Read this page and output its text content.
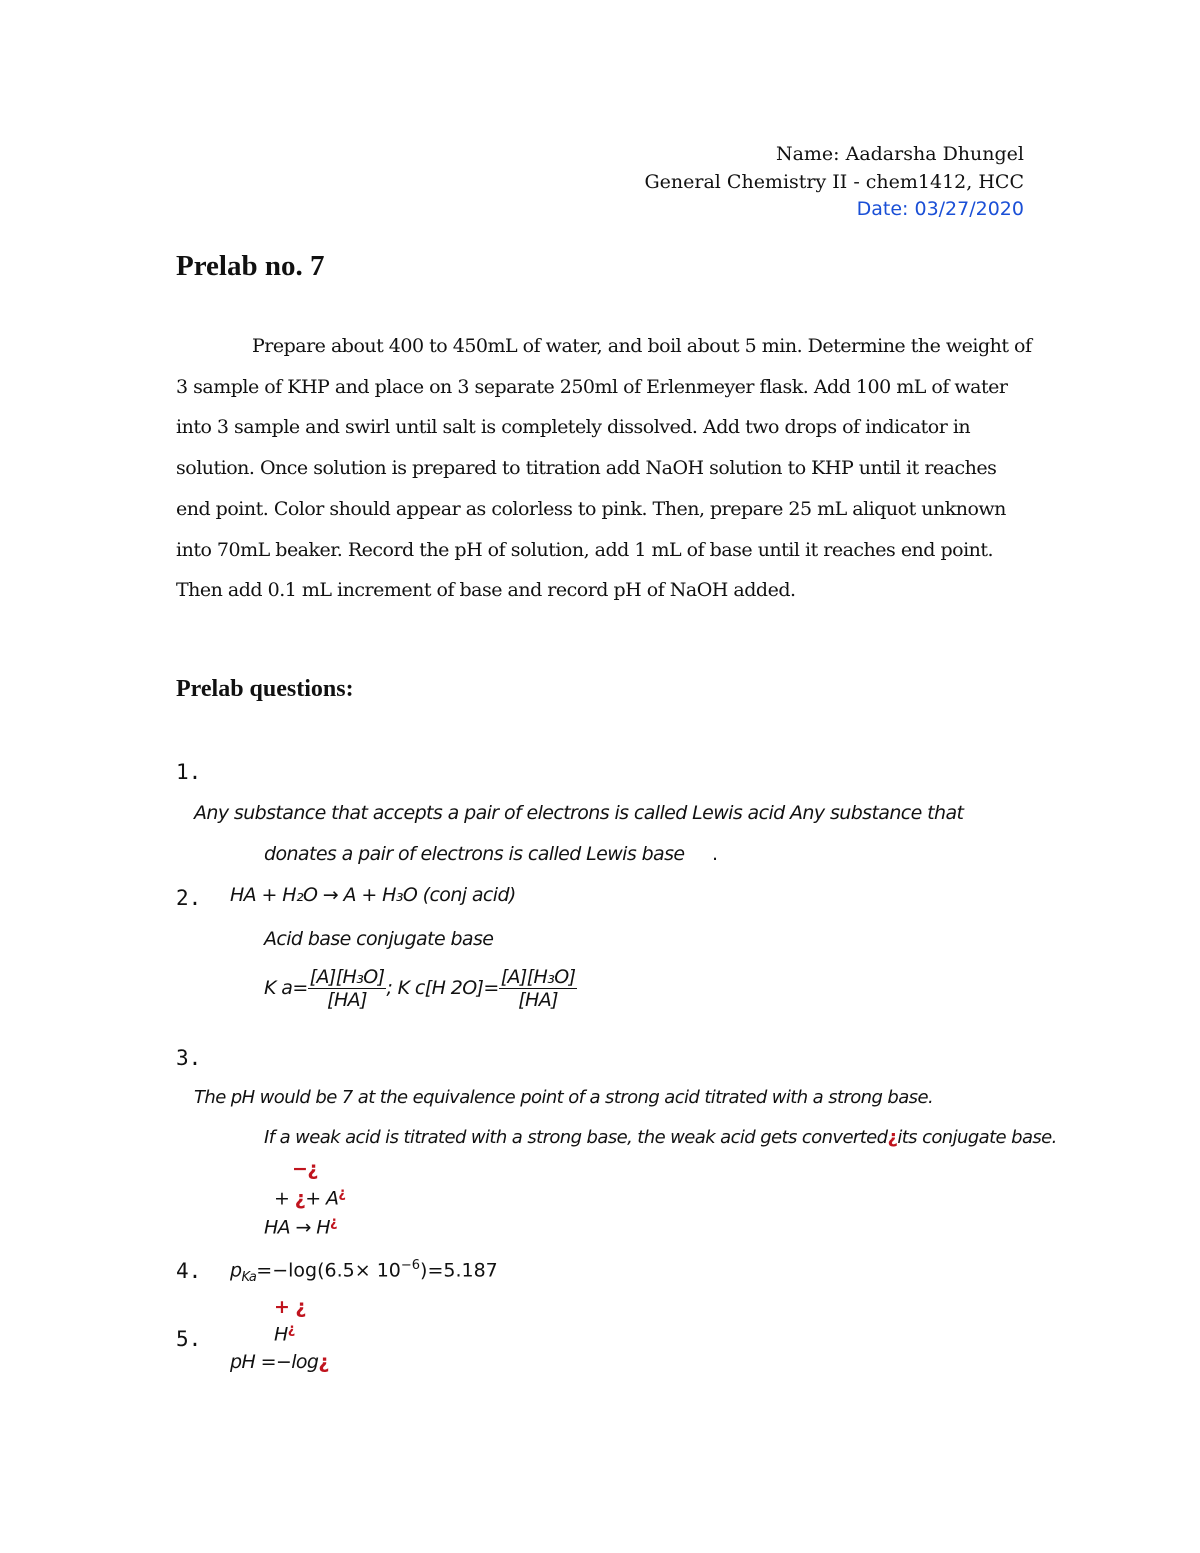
Name: Aadarsha Dhungel
General Chemistry II - chem1412, HCC
Date: 03/27/2020
Prelab no. 7
Prepare about 400 to 450mL of water, and boil about 5 min. Determine the weight of 3 sample of KHP and place on 3 separate 250ml of Erlenmeyer flask. Add 100 mL of water into 3 sample and swirl until salt is completely dissolved. Add two drops of indicator in solution. Once solution is prepared to titration add NaOH solution to KHP until it reaches end point. Color should appear as colorless to pink. Then, prepare 25 mL aliquot unknown into 70mL beaker. Record the pH of solution, add 1 mL of base until it reaches end point. Then add 0.1 mL increment of base and record pH of NaOH added.
Prelab questions:
1.
Any substance that accepts a pair of electrons is called Lewis acid Any substance that
donates a pair of electrons is called Lewis base .
2. HA + H₂O → A + H₃O (conj acid)
Acid base conjugate base
K $a= \frac{\text{[A][H₃O]}}{[HA]}$ ; K c[H $2O]= \frac{\text{[A][H₃O]}}{[HA]}$
3.
The pH would be 7 at the equivalence point of a strong acid titrated with a strong base.
If a weak acid is titrated with a strong base, the weak acid gets converted¿its conjugate base.
−¿
+ ¿+ A¿
HA → H¿
4. $p_{Ka}=-\log(6.5\times 10^{-6})=5.187$
+ ¿
5.	H¿
pH =−log¿
